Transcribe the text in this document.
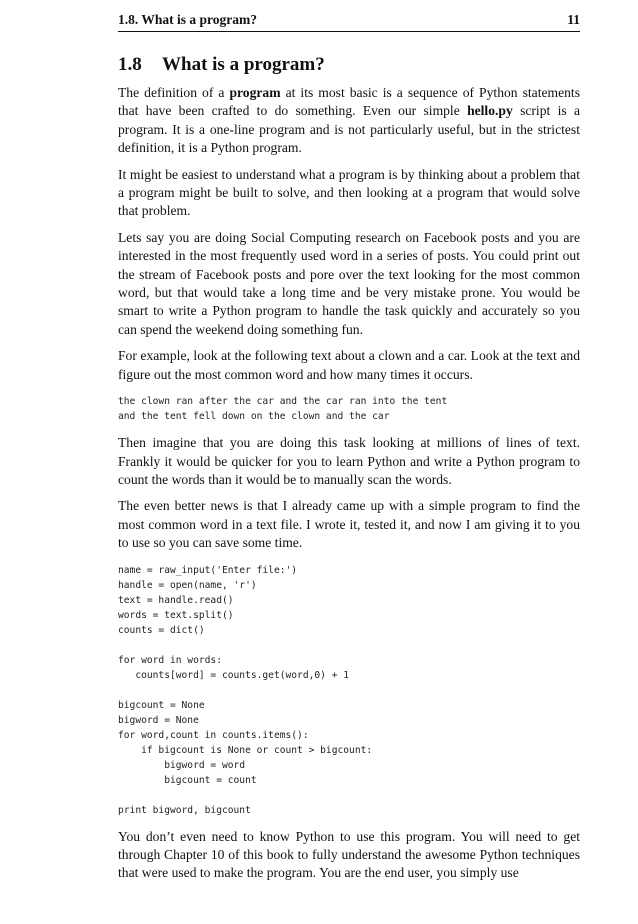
1.8. What is a program?	11
1.8	What is a program?

The definition of a program at its most basic is a sequence of Python statements that have been crafted to do something. Even our simple hello.py script is a program. It is a one-line program and is not particularly useful, but in the strictest definition, it is a Python program.

It might be easiest to understand what a program is by thinking about a problem that a program might be built to solve, and then looking at a program that would solve that problem.

Lets say you are doing Social Computing research on Facebook posts and you are interested in the most frequently used word in a series of posts. You could print out the stream of Facebook posts and pore over the text looking for the most common word, but that would take a long time and be very mistake prone. You would be smart to write a Python program to handle the task quickly and accurately so you can spend the weekend doing something fun.

For example, look at the following text about a clown and a car. Look at the text and figure out the most common word and how many times it occurs.

the clown ran after the car and the car ran into the tent
and the tent fell down on the clown and the car

Then imagine that you are doing this task looking at millions of lines of text. Frankly it would be quicker for you to learn Python and write a Python program to count the words than it would be to manually scan the words.

The even better news is that I already came up with a simple program to find the most common word in a text file. I wrote it, tested it, and now I am giving it to you to use so you can save some time.

name = raw_input('Enter file:')
handle = open(name, 'r')
text = handle.read()
words = text.split()
counts = dict()
for word in words:
counts[word] = counts.get(word,0) + 1
bigcount = None
bigword = None
for word,count in counts.items():
if bigcount is None or count > bigcount:
bigword = word
bigcount = count
print bigword, bigcount

You don’t even need to know Python to use this program. You will need to get through Chapter 10 of this book to fully understand the awesome Python techniques that were used to make the program. You are the end user, you simply use
